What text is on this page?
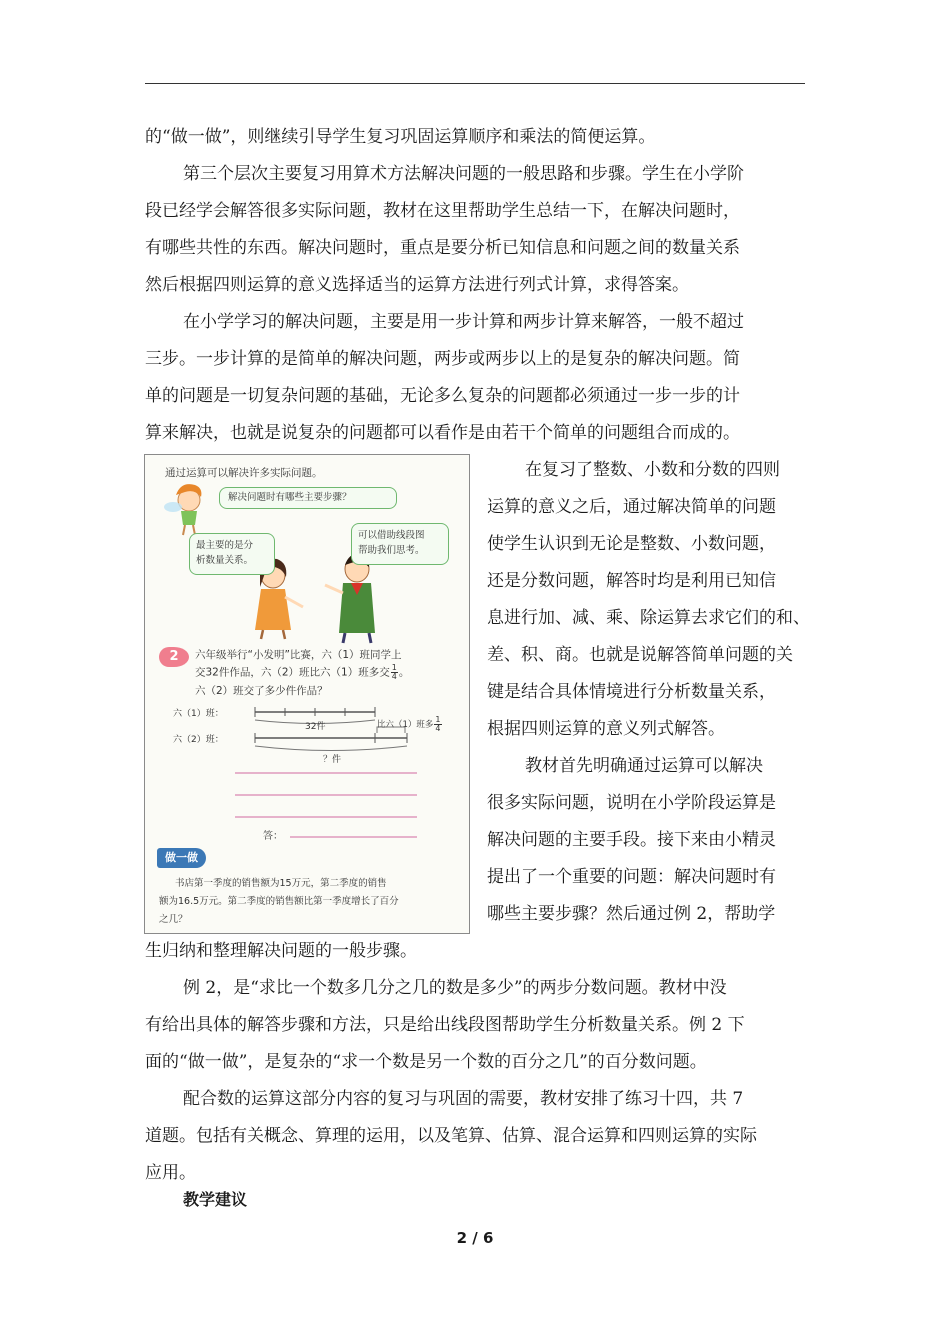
的“做一做”，则继续引导学生复习巩固运算顺序和乘法的简便运算。
第三个层次主要复习用算术方法解决问题的一般思路和步骤。学生在小学阶
段已经学会解答很多实际问题，教材在这里帮助学生总结一下，在解决问题时，
有哪些共性的东西。解决问题时，重点是要分析已知信息和问题之间的数量关系
然后根据四则运算的意义选择适当的运算方法进行列式计算，求得答案。
在小学学习的解决问题，主要是用一步计算和两步计算来解答，一般不超过
三步。一步计算的是简单的解决问题，两步或两步以上的是复杂的解决问题。简
单的问题是一切复杂问题的基础，无论多么复杂的问题都必须通过一步一步的计
算来解决，也就是说复杂的问题都可以看作是由若干个简单的问题组合而成的。
在复习了整数、小数和分数的四则
运算的意义之后，通过解决简单的问题
使学生认识到无论是整数、小数问题，
还是分数问题，解答时均是利用已知信
息进行加、减、乘、除运算去求它们的和、
差、积、商。也就是说解答简单问题的关
键是结合具体情境进行分析数量关系，
根据四则运算的意义列式解答。
教材首先明确通过运算可以解决
很多实际问题，说明在小学阶段运算是
解决问题的主要手段。接下来由小精灵
提出了一个重要的问题：解决问题时有
哪些主要步骤？然后通过例 2，帮助学
生归纳和整理解决问题的一般步骤。
例 2，是“求比一个数多几分之几的数是多少”的两步分数问题。教材中没
有给出具体的解答步骤和方法，只是给出线段图帮助学生分析数量关系。例 2 下
面的“做一做”，是复杂的“求一个数是另一个数的百分之几”的百分数问题。
配合数的运算这部分内容的复习与巩固的需要，教材安排了练习十四，共 7
道题。包括有关概念、算理的运用，以及笔算、估算、混合运算和四则运算的实际
应用。
教学建议
通过运算可以解决许多实际问题。
解决问题时有哪些主要步骤？
最主要的是分
析数量关系。
可以借助线段图
帮助我们思考。
2	六年级举行“小发明”比赛，六（1）班同学上
交32件作品，六（2）班比六（1）班多交 $\frac{1}{4}$ 。
六（2）班交了多少件作品？
六（1）班：
32件	比六（1）班多 $\frac{1}{4}$
六（2）班：
？件
答：
做一做
书店第一季度的销售额为15万元，第二季度的销售
额为16.5万元。第二季度的销售额比第一季度增长了百分
之几？
2 / 6
